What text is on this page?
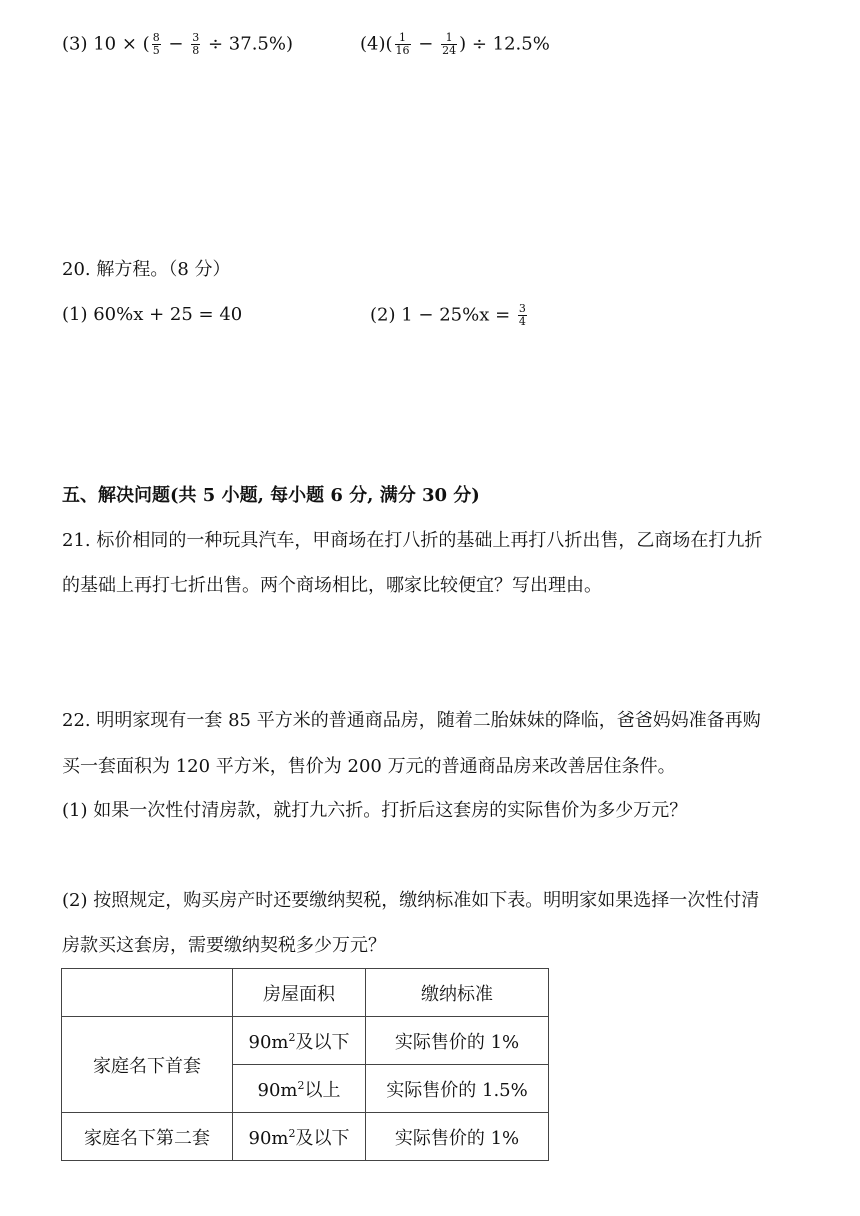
(3) 10 × ( $\frac{8}{5} - \frac{3}{8} \div 37.5\%$)	$(4)( \frac{1}{16} - \frac{1}{24}$ ) ÷ 12.5%
20. 解方程。（8 分）
(1) 60%x + 25 = 40	(2) $1 - 25\%x = \frac{3}{4}$
五、解决问题(共 5 小题, 每小题 6 分, 满分 30 分)
21. 标价相同的一种玩具汽车，甲商场在打八折的基础上再打八折出售，乙商场在打九折
的基础上再打七折出售。两个商场相比，哪家比较便宜？写出理由。
22. 明明家现有一套 85 平方米的普通商品房，随着二胎妹妹的降临，爸爸妈妈准备再购
买一套面积为 120 平方米，售价为 200 万元的普通商品房来改善居住条件。
(1) 如果一次性付清房款，就打九六折。打折后这套房的实际售价为多少万元？
(2) 按照规定，购买房产时还要缴纳契税，缴纳标准如下表。明明家如果选择一次性付清
房款买这套房，需要缴纳契税多少万元？
	房屋面积	缴纳标准
家庭名下首套	$90m^2$及以下	实际售价的 1%
	$90m^2$以上	实际售价的 1.5%
家庭名下第二套	$90m^2$及以下	实际售价的 1%
